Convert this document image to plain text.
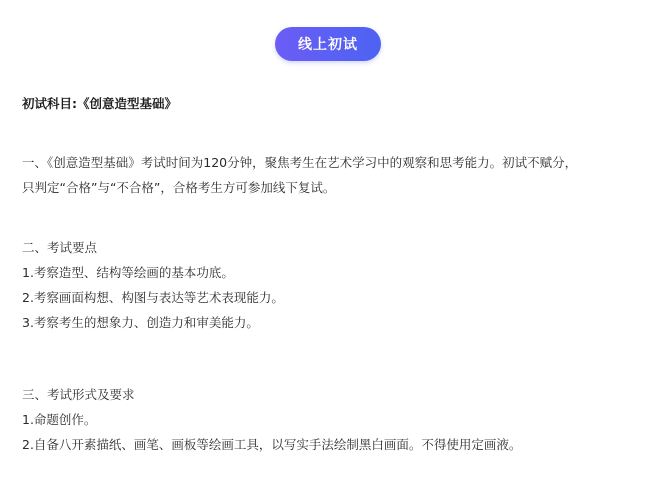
线上初试
初试科目:《创意造型基础》
一、《创意造型基础》考试时间为120分钟，聚焦考生在艺术学习中的观察和思考能力。初试不赋分，
只判定“合格”与“不合格”，合格考生方可参加线下复试。
二、考试要点
1.考察造型、结构等绘画的基本功底。
2.考察画面构想、构图与表达等艺术表现能力。
3.考察考生的想象力、创造力和审美能力。
三、考试形式及要求
1.命题创作。
2.自备八开素描纸、画笔、画板等绘画工具，以写实手法绘制黑白画面。不得使用定画液。
